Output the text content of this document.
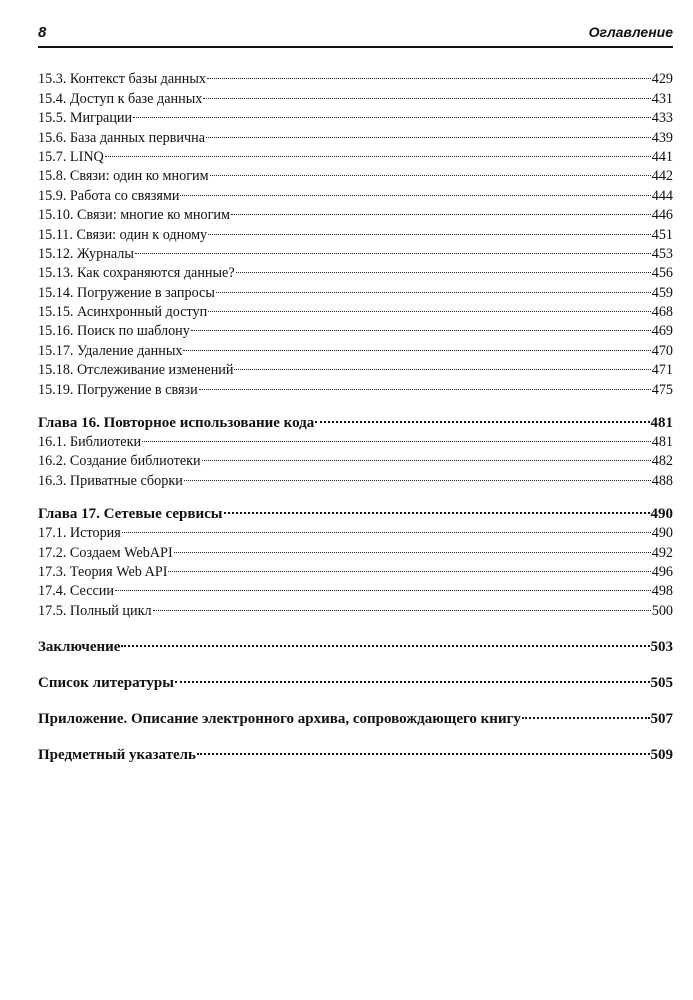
8	Оглавление
15.3. Контекст базы данных	429
15.4. Доступ к базе данных	431
15.5. Миграции	433
15.6. База данных первична	439
15.7. LINQ	441
15.8. Связи: один ко многим	442
15.9. Работа со связями	444
15.10. Связи: многие ко многим	446
15.11. Связи: один к одному	451
15.12. Журналы	453
15.13. Как сохраняются данные?	456
15.14. Погружение в запросы	459
15.15. Асинхронный доступ	468
15.16. Поиск по шаблону	469
15.17. Удаление данных	470
15.18. Отслеживание изменений	471
15.19. Погружение в связи	475
Глава 16. Повторное использование кода	481
16.1. Библиотеки	481
16.2. Создание библиотеки	482
16.3. Приватные сборки	488
Глава 17. Сетевые сервисы	490
17.1. История	490
17.2. Создаем WebAPI	492
17.3. Теория Web API	496
17.4. Сессии	498
17.5. Полный цикл	500
Заключение	503
Список литературы	505
Приложение. Описание электронного архива, сопровождающего книгу	507
Предметный указатель	509
